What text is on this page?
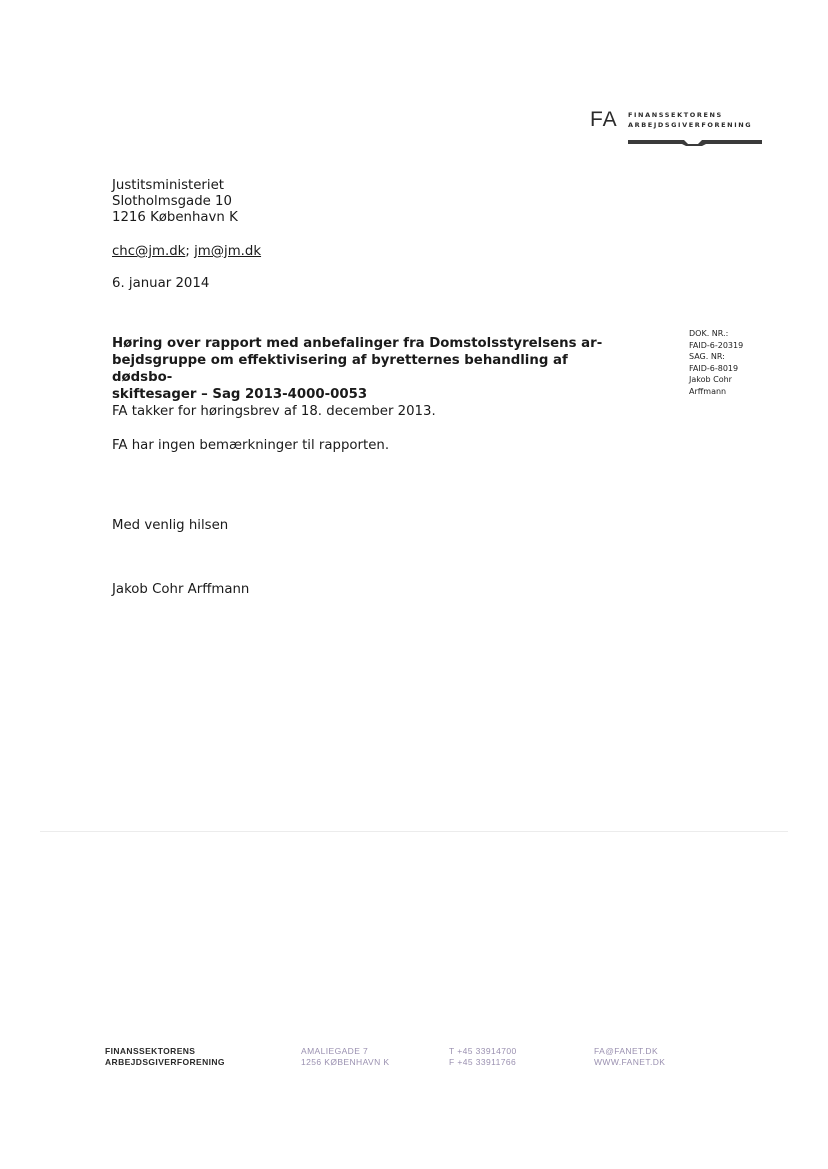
FA FINANSSEKTORENS
ARBEJDSGIVERFORENING
Justitsministeriet
Slotholmsgade 10
1216 København K
chc@jm.dk; jm@jm.dk
6. januar 2014
Høring over rapport med anbefalinger fra Domstolsstyrelsens ar-
bejdsgruppe om effektivisering af byretternes behandling af dødsbo-
skiftesager – Sag 2013-4000-0053
FA takker for høringsbrev af 18. december 2013.
FA har ingen bemærkninger til rapporten.
Med venlig hilsen
Jakob Cohr Arffmann
DOK. NR.:
FAID-6-20319
SAG. NR:
FAID-6-8019
Jakob Cohr
Arffmann
FINANSSEKTORENS
ARBEJDSGIVERFORENING
AMALIEGADE 7
1256 KØBENHAVN K
T +45 33914700
F +45 33911766
FA@FANET.DK
WWW.FANET.DK
